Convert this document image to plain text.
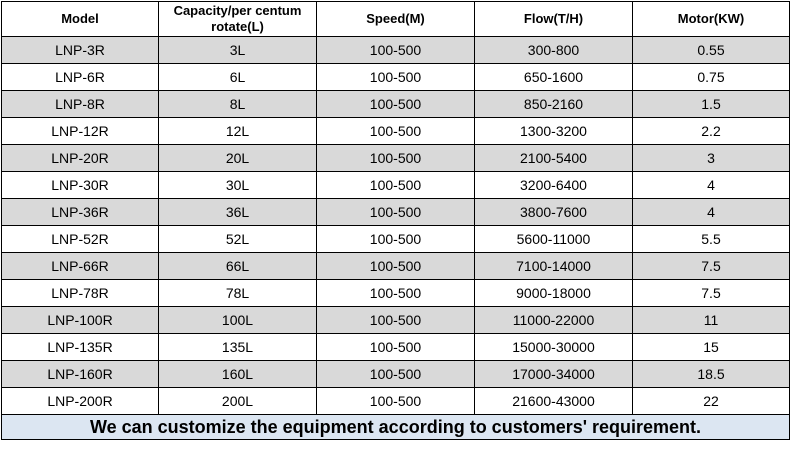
Model	Capacity/per centum rotate(L)	Speed(M)	Flow(T/H)	Motor(KW)
LNP-3R	3L	100-500	300-800	0.55
LNP-6R	6L	100-500	650-1600	0.75
LNP-8R	8L	100-500	850-2160	1.5
LNP-12R	12L	100-500	1300-3200	2.2
LNP-20R	20L	100-500	2100-5400	3
LNP-30R	30L	100-500	3200-6400	4
LNP-36R	36L	100-500	3800-7600	4
LNP-52R	52L	100-500	5600-11000	5.5
LNP-66R	66L	100-500	7100-14000	7.5
LNP-78R	78L	100-500	9000-18000	7.5
LNP-100R	100L	100-500	11000-22000	11
LNP-135R	135L	100-500	15000-30000	15
LNP-160R	160L	100-500	17000-34000	18.5
LNP-200R	200L	100-500	21600-43000	22
We can customize the equipment according to customers' requirement.				
